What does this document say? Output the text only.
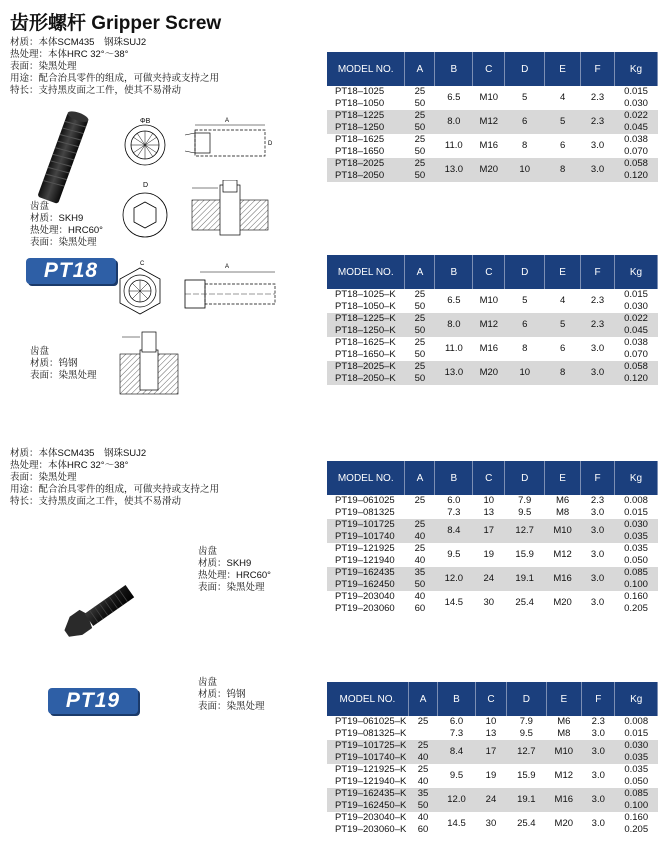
齿形螺杆 Gripper Screw
材质：本体SCM435　钢珠SUJ2
热处理：本体HRC 32°～38°
表面：染黑处理
用途：配合治具零件的组成，可做夹持或支持之用
特长：支持黑皮面之工件，使其不易滑动
ΦB	A
D
D
齿盘
材质：SKH9
热处理：HRC60°
表面：染黑处理
PT18	C	A
齿盘
材质：钨钢
表面：染黑处理
材质：本体SCM435　钢珠SUJ2
热处理：本体HRC 32°～38°
表面：染黑处理
用途：配合治具零件的组成，可做夹持或支持之用
特长：支持黑皮面之工件，使其不易滑动
齿盘
材质：SKH9
热处理：HRC60°
表面：染黑处理
齿盘
材质：钨钢
表面：染黑处理
PT19
MODEL NO.	A	B	C	D	E	F	Kg
PT18–1025	25	6.5	M10	5	4	2.3	0.015
PT18–1050	50						0.030
PT18–1225	25	8.0	M12	6	5	2.3	0.022
PT18–1250	50						0.045
PT18–1625	25	11.0	M16	8	6	3.0	0.038
PT18–1650	50						0.070
PT18–2025	25	13.0	M20	10	8	3.0	0.058
PT18–2050	50						0.120
MODEL NO.	A	B	C	D	E	F	Kg
PT18–1025–K	25	6.5	M10	5	4	2.3	0.015
PT18–1050–K	50						0.030
PT18–1225–K	25	8.0	M12	6	5	2.3	0.022
PT18–1250–K	50						0.045
PT18–1625–K	25	11.0	M16	8	6	3.0	0.038
PT18–1650–K	50						0.070
PT18–2025–K	25	13.0	M20	10	8	3.0	0.058
PT18–2050–K	50						0.120
MODEL NO.	A	B	C	D	E	F	Kg
PT19–061025	25	6.0	10	7.9	M6	2.3	0.008
PT19–081325		7.3	13	9.5	M8	3.0	0.015
PT19–101725	25	8.4	17	12.7	M10	3.0	0.030
PT19–101740	40						0.035
PT19–121925	25	9.5	19	15.9	M12	3.0	0.035
PT19–121940	40						0.050
PT19–162435	35	12.0	24	19.1	M16	3.0	0.085
PT19–162450	50						0.100
PT19–203040	40	14.5	30	25.4	M20	3.0	0.160
PT19–203060	60						0.205
MODEL NO.	A	B	C	D	E	F	Kg
PT19–061025–K	25	6.0	10	7.9	M6	2.3	0.008
PT19–081325–K		7.3	13	9.5	M8	3.0	0.015
PT19–101725–K	25	8.4	17	12.7	M10	3.0	0.030
PT19–101740–K	40						0.035
PT19–121925–K	25	9.5	19	15.9	M12	3.0	0.035
PT19–121940–K	40						0.050
PT19–162435–K	35	12.0	24	19.1	M16	3.0	0.085
PT19–162450–K	50						0.100
PT19–203040–K	40	14.5	30	25.4	M20	3.0	0.160
PT19–203060–K	60						0.205
